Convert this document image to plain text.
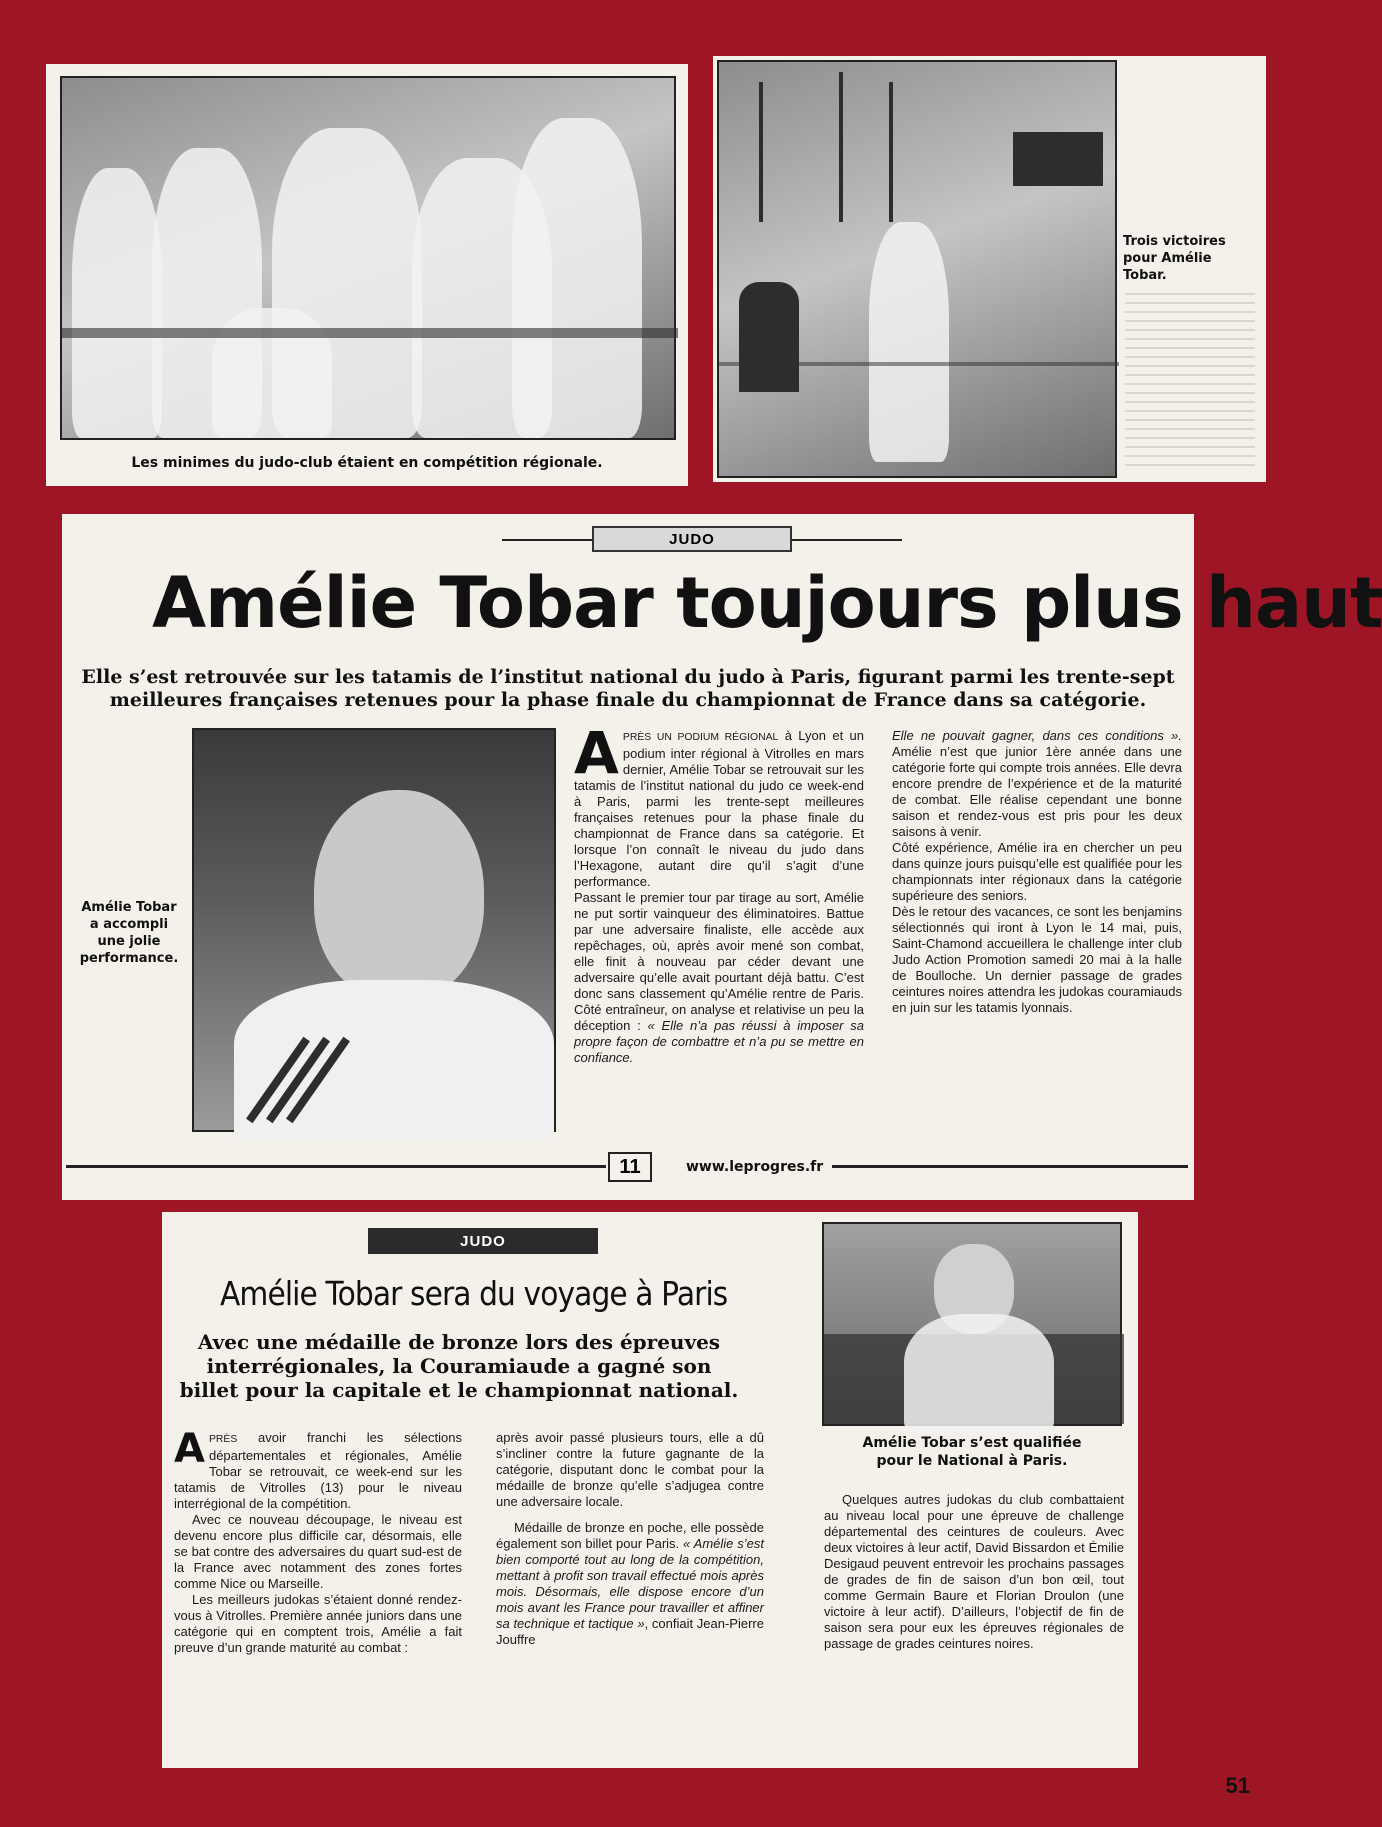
Les minimes du judo-club étaient en compétition régionale.
Trois victoires pour Amélie Tobar.
JUDO
Amélie Tobar toujours plus haut
Elle s’est retrouvée sur les tatamis de l’institut national du judo à Paris, figurant parmi les trente-sept meilleures françaises retenues pour la phase finale du championnat de France dans sa catégorie.
Amélie Tobar a accompli une jolie performance.
A PRÈS UN PODIUM RÉGIONAL à Lyon et un podium inter régional à Vitrolles en mars dernier, Amélie Tobar se retrouvait sur les tatamis de l’institut national du judo ce week-end à Paris, parmi les trente-sept meilleures françaises retenues pour la phase finale du championnat de France dans sa catégorie. Et lorsque l’on connaît le niveau du judo dans l’Hexagone, autant dire qu’il s’agit d’une performance.

Passant le premier tour par tirage au sort, Amélie ne put sortir vainqueur des éliminatoires. Battue par une adversaire finaliste, elle accède aux repêchages, où, après avoir mené son combat, elle finit à nouveau par céder devant une adversaire qu’elle avait pourtant déjà battu. C’est donc sans classement qu’Amélie rentre de Paris. Côté entraîneur, on analyse et relativise un peu la déception : « Elle n’a pas réussi à imposer sa propre façon de combattre et n’a pu se mettre en confiance.

Elle ne pouvait gagner, dans ces conditions ». Amélie n’est que junior 1ère année dans une catégorie forte qui compte trois années. Elle devra encore prendre de l’expérience et de la maturité de combat. Elle réalise cependant une bonne saison et rendez-vous est pris pour les deux saisons à venir.

Côté expérience, Amélie ira en chercher un peu dans quinze jours puisqu’elle est qualifiée pour les championnats inter régionaux dans la catégorie supérieure des seniors.

Dès le retour des vacances, ce sont les benjamins sélectionnés qui iront à Lyon le 14 mai, puis, Saint-Chamond accueillera le challenge inter club Judo Action Promotion samedi 20 mai à la halle de Boulloche. Un dernier passage de grades ceintures noires attendra les judokas couramiauds en juin sur les tatamis lyonnais.

11	www.leprogres.fr
JUDO
Amélie Tobar sera du voyage à Paris
Avec une médaille de bronze lors des épreuves interrégionales, la Couramiaude a gagné son billet pour la capitale et le championnat national.
A PRÈS avoir franchi les sélections départementales et régionales, Amélie Tobar se retrouvait, ce week-end sur les tatamis de Vitrolles (13) pour le niveau interrégional de la compétition.

Avec ce nouveau découpage, le niveau est devenu encore plus difficile car, désormais, elle se bat contre des adversaires du quart sud-est de la France avec notamment des zones fortes comme Nice ou Marseille.

Les meilleurs judokas s’étaient donné rendez-vous à Vitrolles. Première année juniors dans une catégorie qui en comptent trois, Amélie a fait preuve d’un grande maturité au combat :

après avoir passé plusieurs tours, elle a dû s’incliner contre la future gagnante de la catégorie, disputant donc le combat pour la médaille de bronze qu’elle s’adjugea contre une adversaire locale.

Médaille de bronze en poche, elle possède également son billet pour Paris. « Amélie s’est bien comporté tout au long de la compétition, mettant à profit son travail effectué mois après mois. Désormais, elle dispose encore d’un mois avant les France pour travailler et affiner sa technique et tactique », confiait Jean-Pierre Jouffre

Amélie Tobar s’est qualifiée pour le National à Paris.

Quelques autres judokas du club combattaient au niveau local pour une épreuve de challenge départemental des ceintures de couleurs. Avec deux victoires à leur actif, David Bissardon et Émilie Desigaud peuvent entrevoir les prochains passages de grades de fin de saison d’un bon œil, tout comme Germain Baure et Florian Droulon (une victoire à leur actif). D’ailleurs, l’objectif de fin de saison sera pour eux les épreuves régionales de passage de grades ceintures noires.

51
